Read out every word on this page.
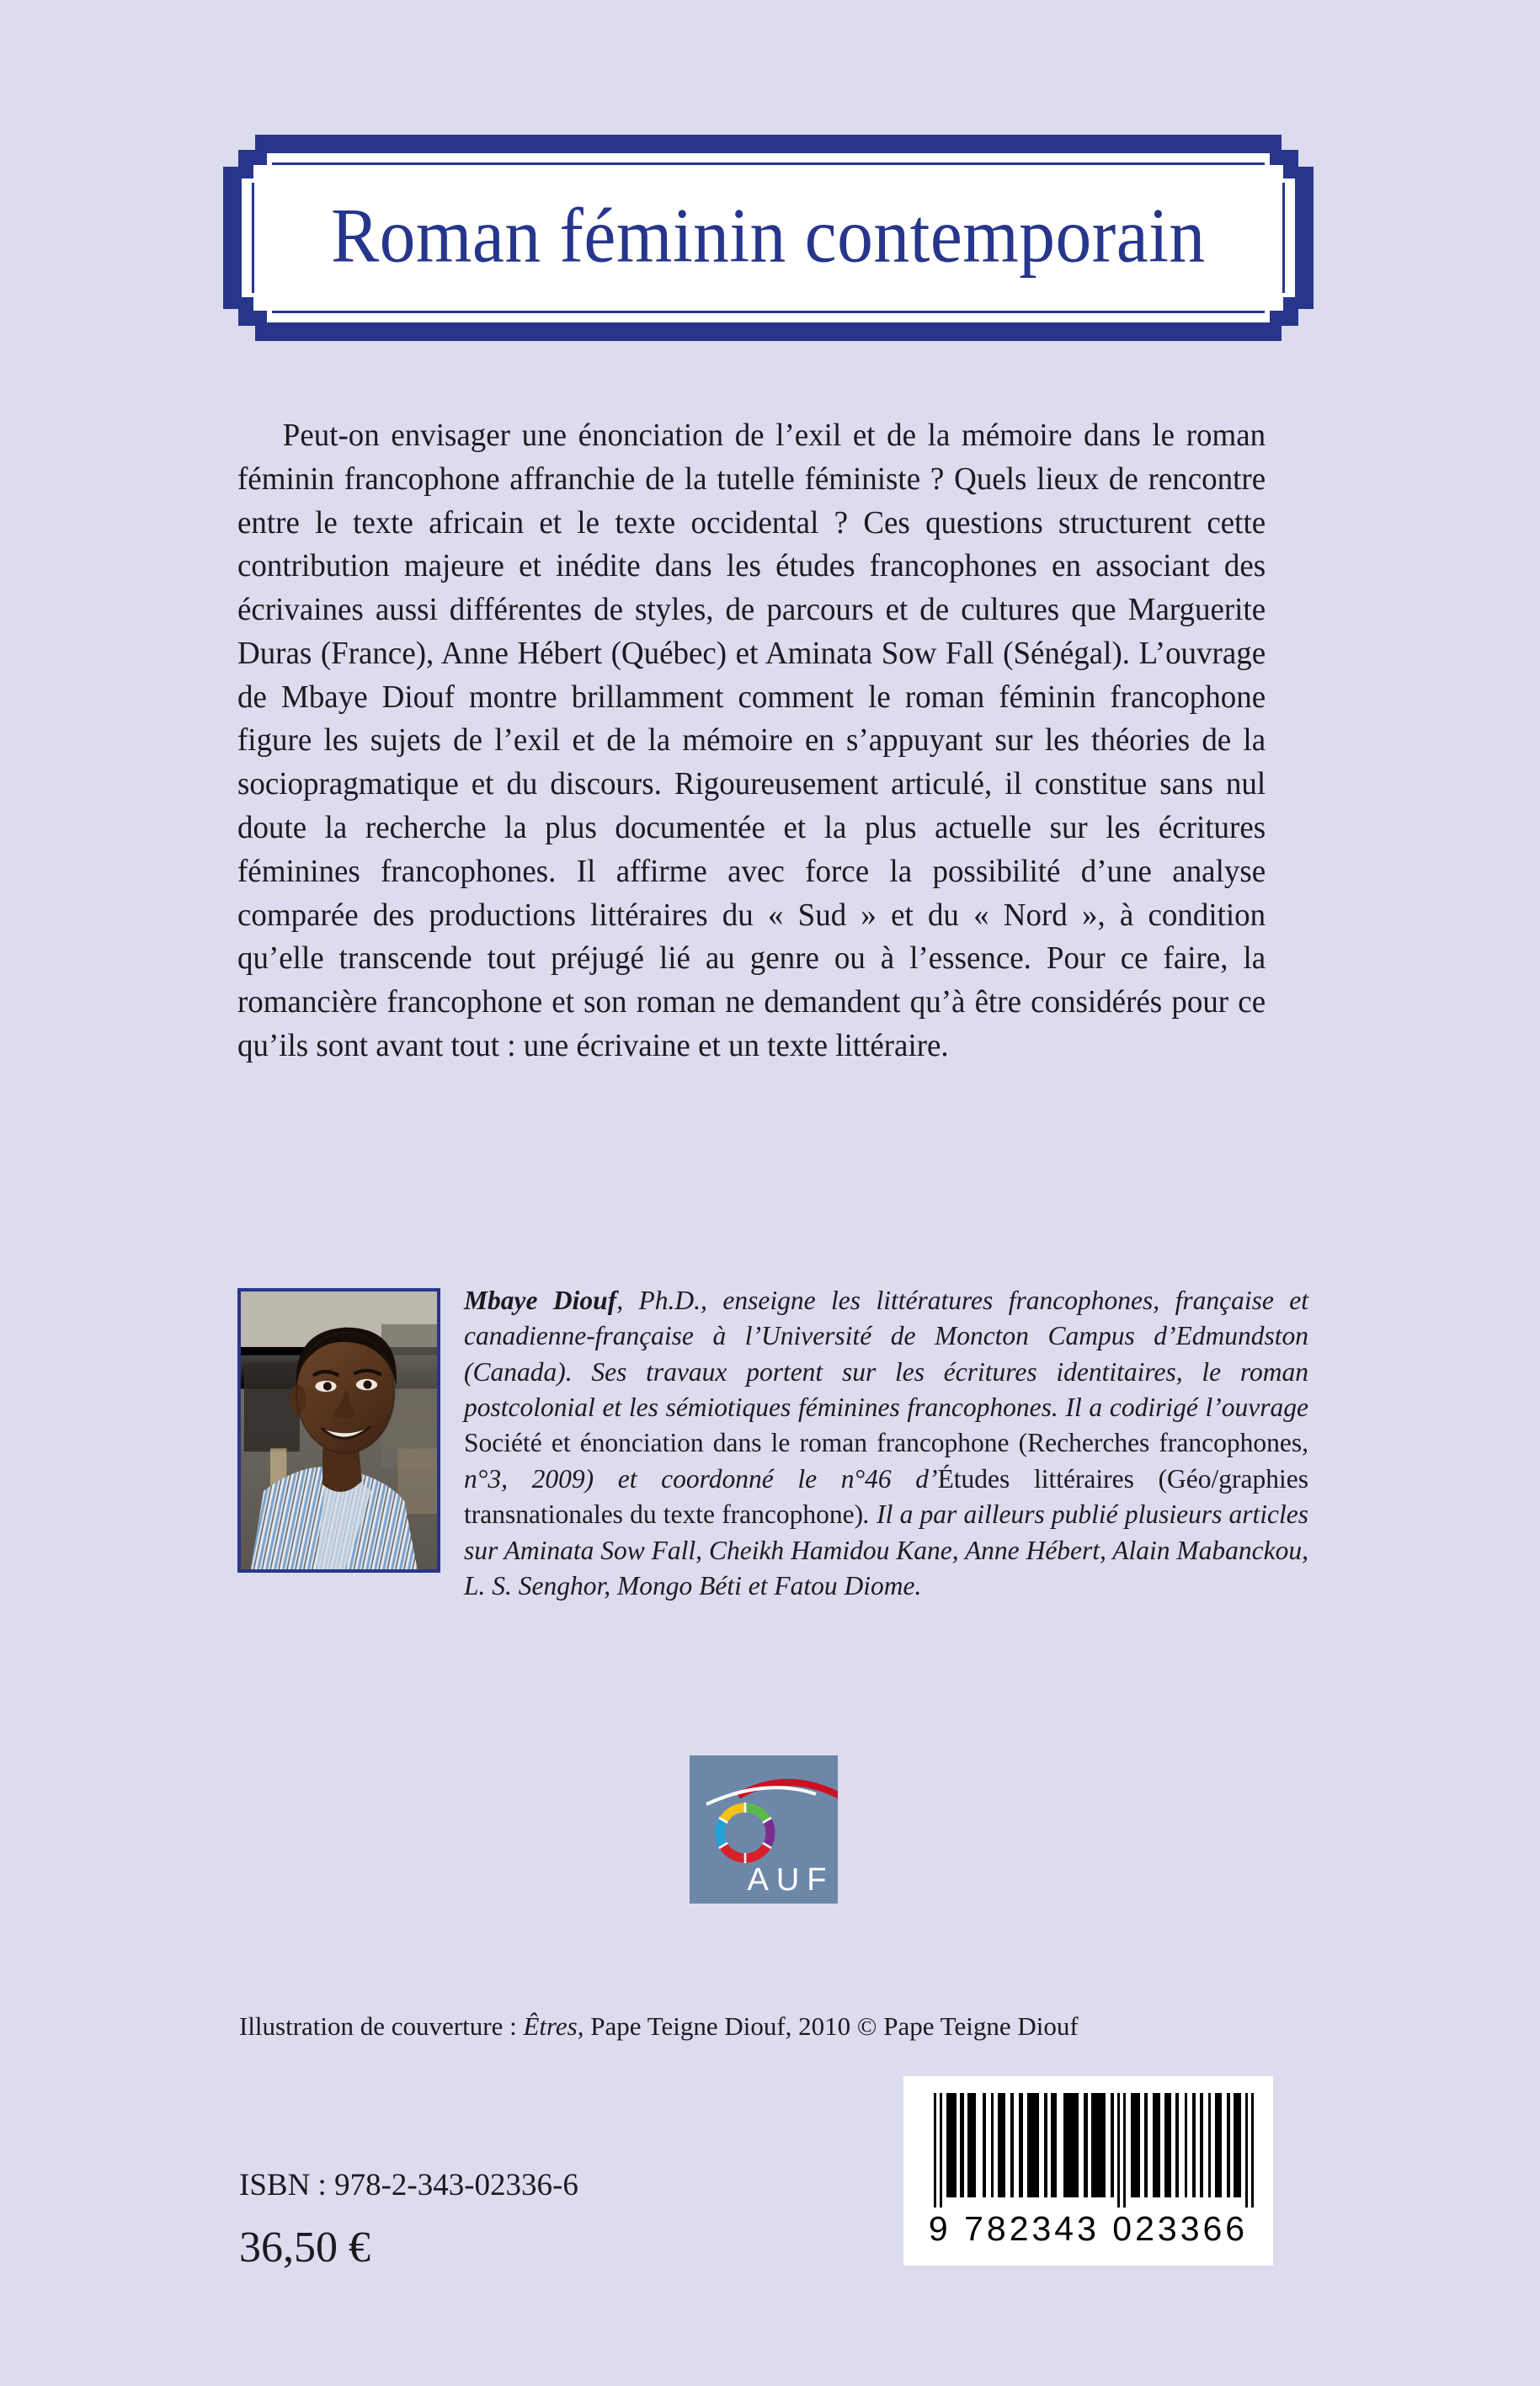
Roman féminin contemporain
Peut-on envisager une énonciation de l’exil et de la mémoire dans le roman féminin francophone affranchie de la tutelle féministe ? Quels lieux de rencontre entre le texte africain et le texte occidental ? Ces questions structurent cette contribution majeure et inédite dans les études francophones en associant des écrivaines aussi différentes de styles, de parcours et de cultures que Marguerite Duras (France), Anne Hébert (Québec) et Aminata Sow Fall (Sénégal). L’ouvrage de Mbaye Diouf montre brillamment comment le roman féminin francophone figure les sujets de l’exil et de la mémoire en s’appuyant sur les théories de la sociopragmatique et du discours. Rigoureusement articulé, il constitue sans nul doute la recherche la plus documentée et la plus actuelle sur les écritures féminines francophones. Il affirme avec force la possibilité d’une analyse comparée des productions littéraires du « Sud » et du « Nord », à condition qu’elle transcende tout préjugé lié au genre ou à l’essence. Pour ce faire, la romancière francophone et son roman ne demandent qu’à être considérés pour ce qu’ils sont avant tout : une écrivaine et un texte littéraire.
Mbaye Diouf, Ph.D., enseigne les littératures francophones, française et canadienne-française à l’Université de Moncton Campus d’Edmundston (Canada). Ses travaux portent sur les écritures identitaires, le roman postcolonial et les sémiotiques féminines francophones. Il a codirigé l’ouvrage Société et énonciation dans le roman francophone (Recherches francophones, n°3, 2009) et coordonné le n°46 d’Études littéraires (Géo/graphies transnationales du texte francophone). Il a par ailleurs publié plusieurs articles sur Aminata Sow Fall, Cheikh Hamidou Kane, Anne Hébert, Alain Mabanckou, L. S. Senghor, Mongo Béti et Fatou Diome.
AUF
Illustration de couverture : Êtres, Pape Teigne Diouf, 2010 © Pape Teigne Diouf
9 782343 023366
ISBN : 978-2-343-02336-6
36,50 €
